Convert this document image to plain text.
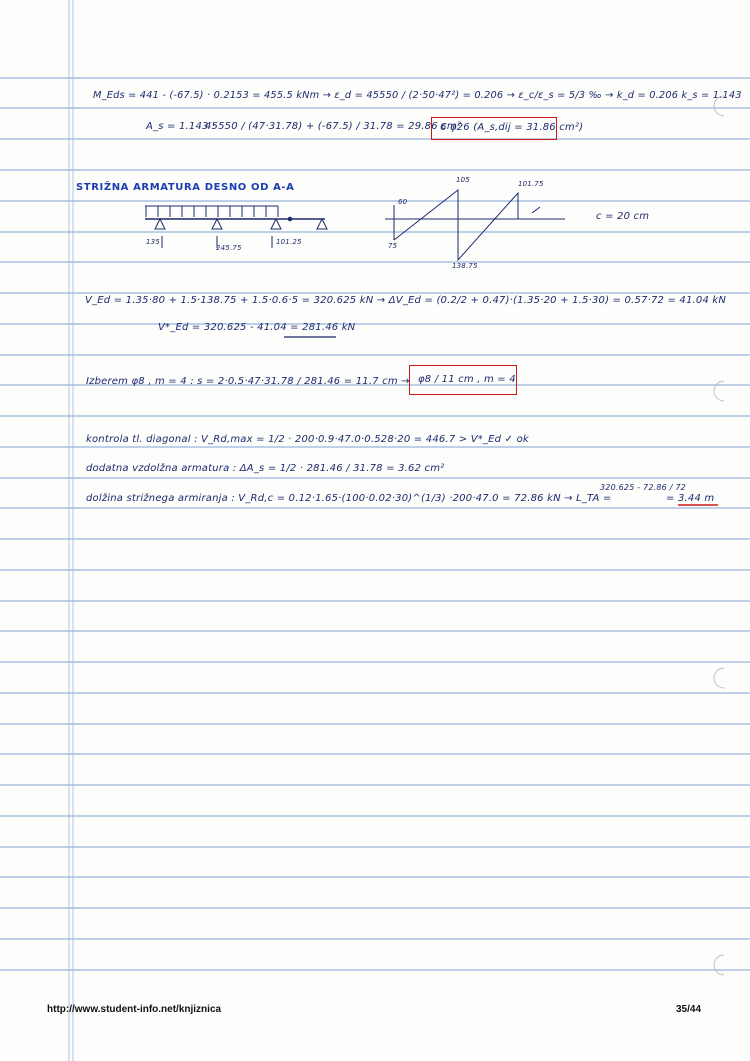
M_Eds = 441 - (-67.5) · 0.2153 = 455.5 kNm → ε_d = 45550 / (2·50·47²) = 0.206 → ε_c/ε_s = 5/3 ‰ → k_d = 0.206 k_s = 1.143
A_s = 1.143 ·
45550 / (47·31.78) + (-67.5) / 31.78 = 29.86 cm²
6 φ26 (A_s,dij = 31.86 cm²)
STRIŽNA ARMATURA DESNO OD A-A
135
245.75
101.25
60
105	101.75
75
138.75
c = 20 cm
V_Ed = 1.35·80 + 1.5·138.75 + 1.5·0.6·5 = 320.625 kN → ΔV_Ed = (0.2/2 + 0.47)·(1.35·20 + 1.5·30) = 0.57·72 = 41.04 kN
V*_Ed = 320.625 - 41.04 = 281.46 kN
Izberem φ8 , m = 4 : s = 2·0.5·47·31.78 / 281.46 = 11.7 cm → φ8 / 11 cm , m = 4
kontrola tl. diagonal : V_Rd,max = 1/2 · 200·0.9·47.0·0.528·20 = 446.7 > V*_Ed ✓ ok
dodatna vzdolžna armatura : ΔA_s = 1/2 · 281.46 / 31.78 = 3.62 cm²
dolžina strižnega armiranja : V_Rd,c = 0.12·1.65·(100·0.02·30)^(1/3) ·200·47.0 = 72.86 kN → L_TA =
320.625 - 72.86 / 72
= 3.44 m
http://www.student-info.net/knjiznica	35/44
